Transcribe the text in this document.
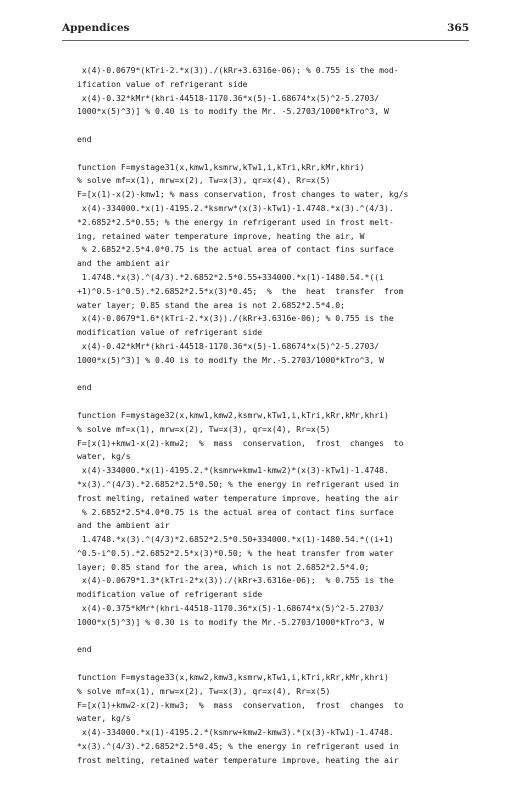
Appendices	365
x(4)-0.0679*(kTri-2.*x(3))./(kRr+3.6316e-06); % 0.755 is the mod-
ification value of refrigerant side
x(4)-0.32*kMr*(khri-44518-1170.36*x(5)-1.68674*x(5)^2-5.2703/
1000*x(5)^3)] % 0.40 is to modify the Mr. -5.2703/1000*kTro^3, W
end
function F=mystage31(x,kmw1,ksmrw,kTw1,i,kTri,kRr,kMr,khri)
% solve mf=x(1), mrw=x(2), Tw=x(3), qr=x(4), Rr=x(5)
F=[x(1)-x(2)-kmw1; % mass conservation, frost changes to water, kg/s
x(4)-334000.*x(1)-4195.2.*ksmrw*(x(3)-kTw1)-1.4748.*x(3).^(4/3).
*2.6852*2.5*0.55; % the energy in refrigerant used in frost melt-
ing, retained water temperature improve, heating the air, W
% 2.6852*2.5*4.0*0.75 is the actual area of contact fins surface
and the ambient air
1.4748.*x(3).^(4/3).*2.6852*2.5*0.55+334000.*x(1)-1480.54.*((i
+1)^0.5-i^0.5).*2.6852*2.5*x(3)*0.45;  %  the  heat  transfer  from
water layer; 0.85 stand the area is not 2.6852*2.5*4.0;
x(4)-0.0679*1.6*(kTri-2.*x(3))./(kRr+3.6316e-06); % 0.755 is the
modification value of refrigerant side
x(4)-0.42*kMr*(khri-44518-1170.36*x(5)-1.68674*x(5)^2-5.2703/
1000*x(5)^3)] % 0.40 is to modify the Mr.-5.2703/1000*kTro^3, W
end
function F=mystage32(x,kmw1,kmw2,ksmrw,kTw1,i,kTri,kRr,kMr,khri)
% solve mf=x(1), mrw=x(2), Tw=x(3), qr=x(4), Rr=x(5)
F=[x(1)+kmw1-x(2)-kmw2;  %  mass  conservation,  frost  changes  to
water, kg/s
x(4)-334000.*x(1)-4195.2.*(ksmrw+kmw1-kmw2)*(x(3)-kTw1)-1.4748.
*x(3).^(4/3).*2.6852*2.5*0.50; % the energy in refrigerant used in
frost melting, retained water temperature improve, heating the air
% 2.6852*2.5*4.0*0.75 is the actual area of contact fins surface
and the ambient air
1.4748.*x(3).^(4/3)*2.6852*2.5*0.50+334000.*x(1)-1480.54.*((i+1)
^0.5-i^0.5).*2.6852*2.5*x(3)*0.50; % the heat transfer from water
layer; 0.85 stand for the area, which is not 2.6852*2.5*4.0;
x(4)-0.0679*1.3*(kTri-2*x(3))./(kRr+3.6316e-06);  % 0.755 is the
modification value of refrigerant side
x(4)-0.375*kMr*(khri-44518-1170.36*x(5)-1.68674*x(5)^2-5.2703/
1000*x(5)^3)] % 0.30 is to modify the Mr.-5.2703/1000*kTro^3, W
end
function F=mystage33(x,kmw2,kmw3,ksmrw,kTw1,i,kTri,kRr,kMr,khri)
% solve mf=x(1), mrw=x(2), Tw=x(3), qr=x(4), Rr=x(5)
F=[x(1)+kmw2-x(2)-kmw3;  %  mass  conservation,  frost  changes  to
water, kg/s
x(4)-334000.*x(1)-4195.2.*(ksmrw+kmw2-kmw3).*(x(3)-kTw1)-1.4748.
*x(3).^(4/3).*2.6852*2.5*0.45; % the energy in refrigerant used in
frost melting, retained water temperature improve, heating the air
